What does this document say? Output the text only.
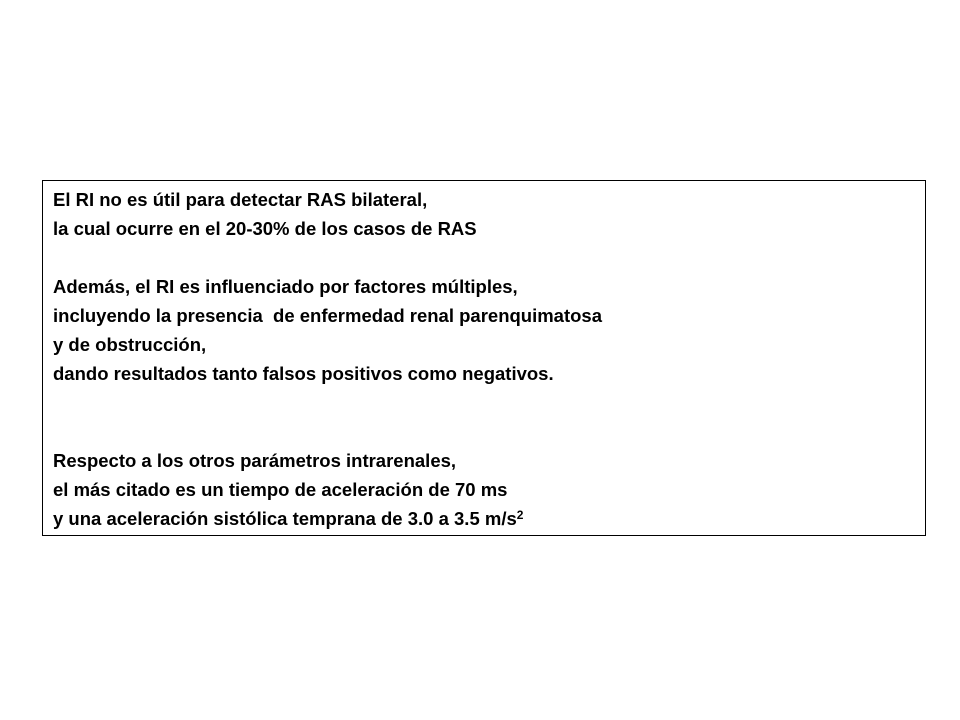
El RI no es útil para detectar RAS bilateral,
la cual ocurre en el 20-30% de los casos de RAS
Además, el RI es influenciado por factores múltiples,
incluyendo la presencia  de enfermedad renal parenquimatosa
y de obstrucción,
dando resultados tanto falsos positivos como negativos.
Respecto a los otros parámetros intrarenales,
el más citado es un tiempo de aceleración de 70 ms
y una aceleración sistólica temprana de 3.0 a 3.5 $m/s^2$
